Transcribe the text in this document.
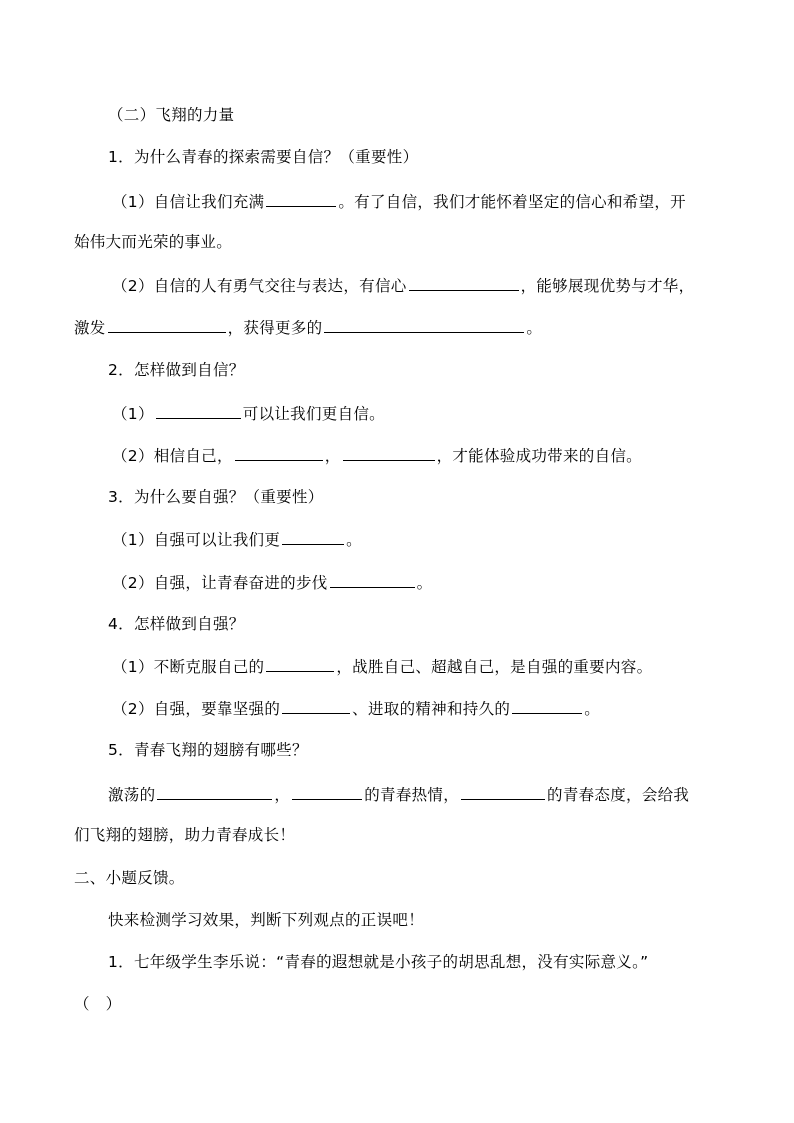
（二）飞翔的力量
1．为什么青春的探索需要自信？（重要性）
（1）自信让我们充满	。有了自信，我们才能怀着坚定的信心和希望，开
始伟大而光荣的事业。
（2）自信的人有勇气交往与表达，有信心	，能够展现优势与才华，
激发	，获得更多的	。
2．怎样做到自信？
（1）	可以让我们更自信。
（2）相信自己，	，	，才能体验成功带来的自信。
3．为什么要自强？（重要性）
（1）自强可以让我们更	。
（2）自强，让青春奋进的步伐	。
4．怎样做到自强？
（1）不断克服自己的	，战胜自己、超越自己，是自强的重要内容。
（2）自强，要靠坚强的	、进取的精神和持久的	。
5．青春飞翔的翅膀有哪些？
激荡的	，	的青春热情，	的青春态度，会给我
们飞翔的翅膀，助力青春成长！
二、小题反馈。
快来检测学习效果，判断下列观点的正误吧！
1．七年级学生李乐说：“青春的遐想就是小孩子的胡思乱想，没有实际意义。”
（　）
